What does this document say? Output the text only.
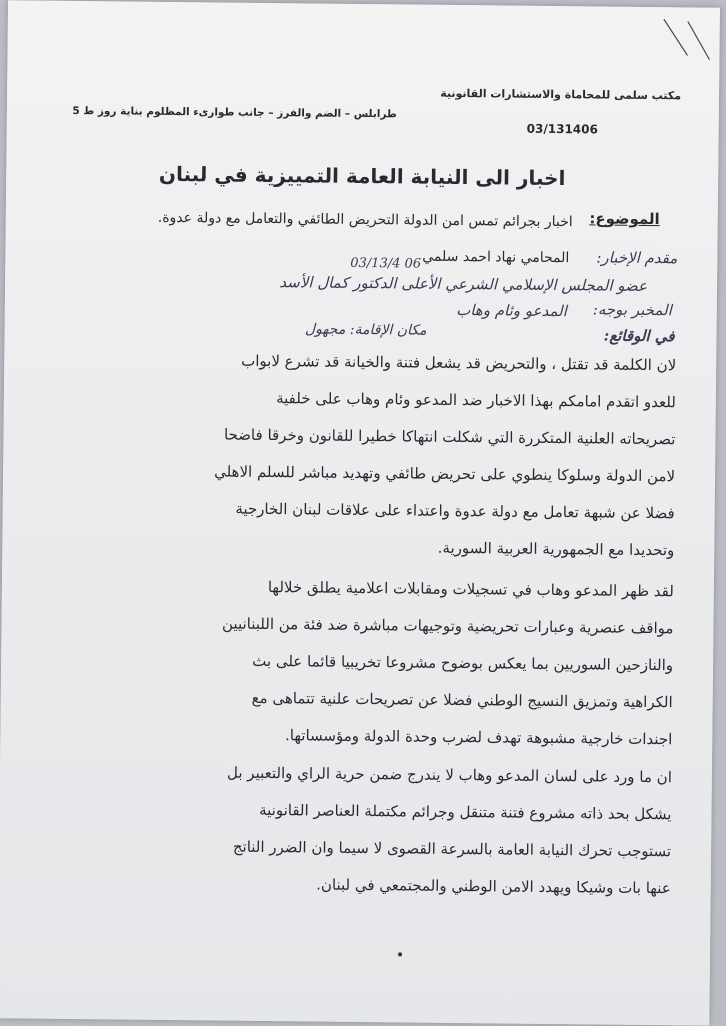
مكتب سلمى للمحاماة والاستشارات القانونية
طرابلس – الضم والفرز – جانب طوارىء المظلوم بناية روز ط 5
03/131406
اخبار الى النيابة العامة التمييزية في لبنان
الموضوع:
اخبار بجرائم تمس امن الدولة التحريض الطائفي والتعامل مع دولة عدوة.
03/13/4 06	مقدم الإخبار:
المحامي نهاد احمد سلمي
عضو المجلس الإسلامي الشرعي الأعلى الدكتور كمال الأسد
المخبر بوجه:
المدعو وئام وهاب
مكان الإقامة: مجهول	في الوقائع:
لان الكلمة قد تقتل ، والتحريض قد يشعل فتنة والخيانة قد تشرع لابواب
للعدو اتقدم امامكم بهذا الاخبار ضد المدعو وئام وهاب على خلفية
تصريحاته العلنية المتكررة التي شكلت انتهاكا خطيرا للقانون وخرقا فاضحا
لامن الدولة وسلوكا ينطوي على تحريض طائفي وتهديد مباشر للسلم الاهلي
فضلا عن شبهة تعامل مع دولة عدوة واعتداء على علاقات لبنان الخارجية
وتحديدا مع الجمهورية العربية السورية.
لقد ظهر المدعو وهاب في تسجيلات ومقابلات اعلامية يطلق خلالها
مواقف عنصرية وعبارات تحريضية وتوجيهات مباشرة ضد فئة من اللبنانيين
والنازحين السوريين بما يعكس بوضوح مشروعا تخريبيا قائما على بث
الكراهية وتمزيق النسيج الوطني فضلا عن تصريحات علنية تتماهى مع
اجندات خارجية مشبوهة تهدف لضرب وحدة الدولة ومؤسساتها.
ان ما ورد على لسان المدعو وهاب لا يندرج ضمن حرية الراي والتعبير بل
يشكل بحد ذاته مشروع فتنة متنقل وجرائم مكتملة العناصر القانونية
تستوجب تحرك النيابة العامة بالسرعة القصوى لا سيما وان الضرر الناتج
عنها بات وشيكا ويهدد الامن الوطني والمجتمعي في لبنان.
